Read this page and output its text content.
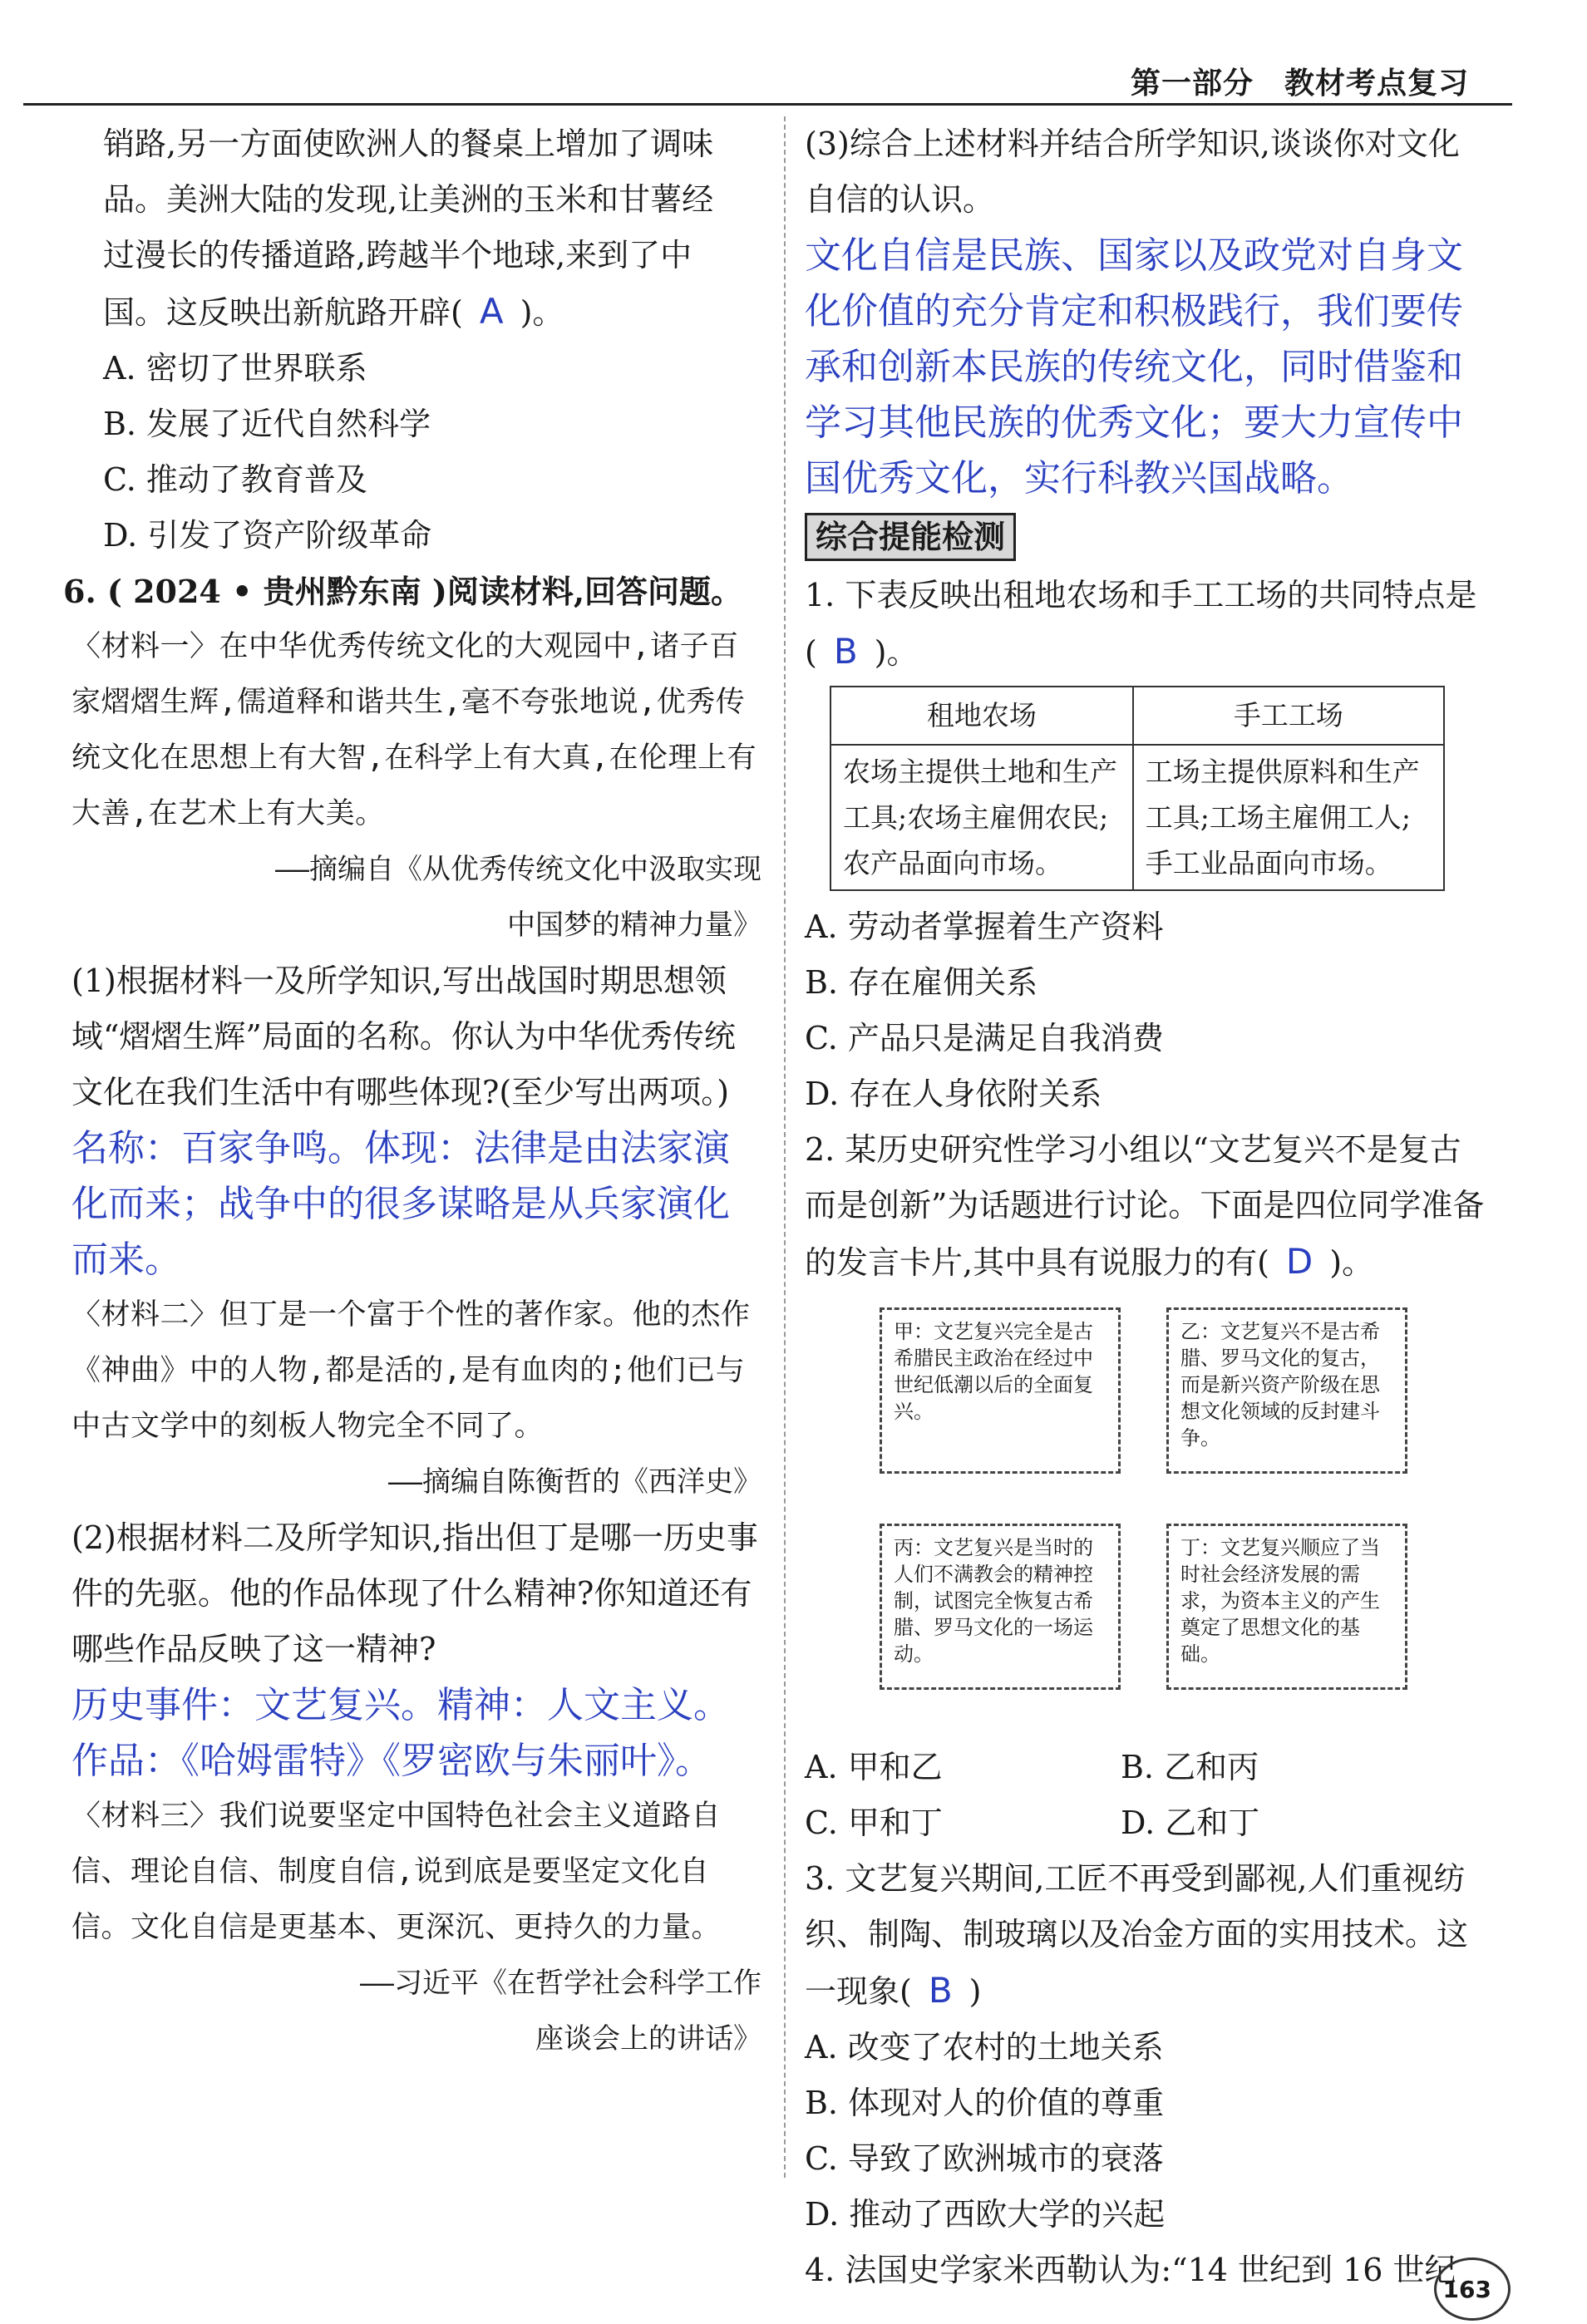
第一部分　教材考点复习

销路,另一方面使欧洲人的餐桌上增加了调味

品。美洲大陆的发现,让美洲的玉米和甘薯经

过漫长的传播道路,跨越半个地球,来到了中

国。这反映出新航路开辟( A )。

A. 密切了世界联系

B. 发展了近代自然科学

C. 推动了教育普及

D. 引发了资产阶级革命

6. ( 2024 • 贵州黔东南 )阅读材料,回答问题。

〈材料一〉在中华优秀传统文化的大观园中,诸子百家熠熠生辉,儒道释和谐共生,毫不夸张地说,优秀传统文化在思想上有大智,在科学上有大真,在伦理上有大善,在艺术上有大美。

——摘编自《从优秀传统文化中汲取实现

中国梦的精神力量》

(1)根据材料一及所学知识,写出战国时期思想领域“熠熠生辉”局面的名称。你认为中华优秀传统文化在我们生活中有哪些体现?(至少写出两项。)

名称：百家争鸣。体现：法律是由法家演化而来；战争中的很多谋略是从兵家演化而来。

〈材料二〉但丁是一个富于个性的著作家。他的杰作《神曲》中的人物,都是活的,是有血肉的;他们已与中古文学中的刻板人物完全不同了。

——摘编自陈衡哲的《西洋史》

(2)根据材料二及所学知识,指出但丁是哪一历史事件的先驱。他的作品体现了什么精神?你知道还有哪些作品反映了这一精神?

历史事件：文艺复兴。精神：人文主义。作品：《哈姆雷特》《罗密欧与朱丽叶》。

〈材料三〉我们说要坚定中国特色社会主义道路自信、理论自信、制度自信,说到底是要坚定文化自信。文化自信是更基本、更深沉、更持久的力量。

——习近平《在哲学社会科学工作

座谈会上的讲话》

(3)综合上述材料并结合所学知识,谈谈你对文化自信的认识。

文化自信是民族、国家以及政党对自身文化价值的充分肯定和积极践行，我们要传承和创新本民族的传统文化，同时借鉴和学习其他民族的优秀文化；要大力宣传中国优秀文化，实行科教兴国战略。

综合提能检测

1. 下表反映出租地农场和手工工场的共同特点是( B )。

租地农场	手工工场
农场主提供土地和生产工具;农场主雇佣农民;农产品面向市场。	工场主提供原料和生产工具;工场主雇佣工人;手工业品面向市场。

A. 劳动者掌握着生产资料

B. 存在雇佣关系

C. 产品只是满足自我消费

D. 存在人身依附关系

2. 某历史研究性学习小组以“文艺复兴不是复古而是创新”为话题进行讨论。下面是四位同学准备的发言卡片,其中具有说服力的有( D )。

甲：文艺复兴完全是古希腊民主政治在经过中世纪低潮以后的全面复兴。
乙：文艺复兴不是古希腊、罗马文化的复古，而是新兴资产阶级在思想文化领域的反封建斗争。
丙：文艺复兴是当时的人们不满教会的精神控制，试图完全恢复古希腊、罗马文化的一场运动。
丁：文艺复兴顺应了当时社会经济发展的需求，为资本主义的产生奠定了思想文化的基础。
A. 甲和乙	B. 乙和丙
C. 甲和丁	D. 乙和丁

3. 文艺复兴期间,工匠不再受到鄙视,人们重视纺织、制陶、制玻璃以及冶金方面的实用技术。这一现象( B )

A. 改变了农村的土地关系

B. 体现对人的价值的尊重

C. 导致了欧洲城市的衰落

D. 推动了西欧大学的兴起

4. 法国史学家米西勒认为:“14 世纪到 16 世纪

163
